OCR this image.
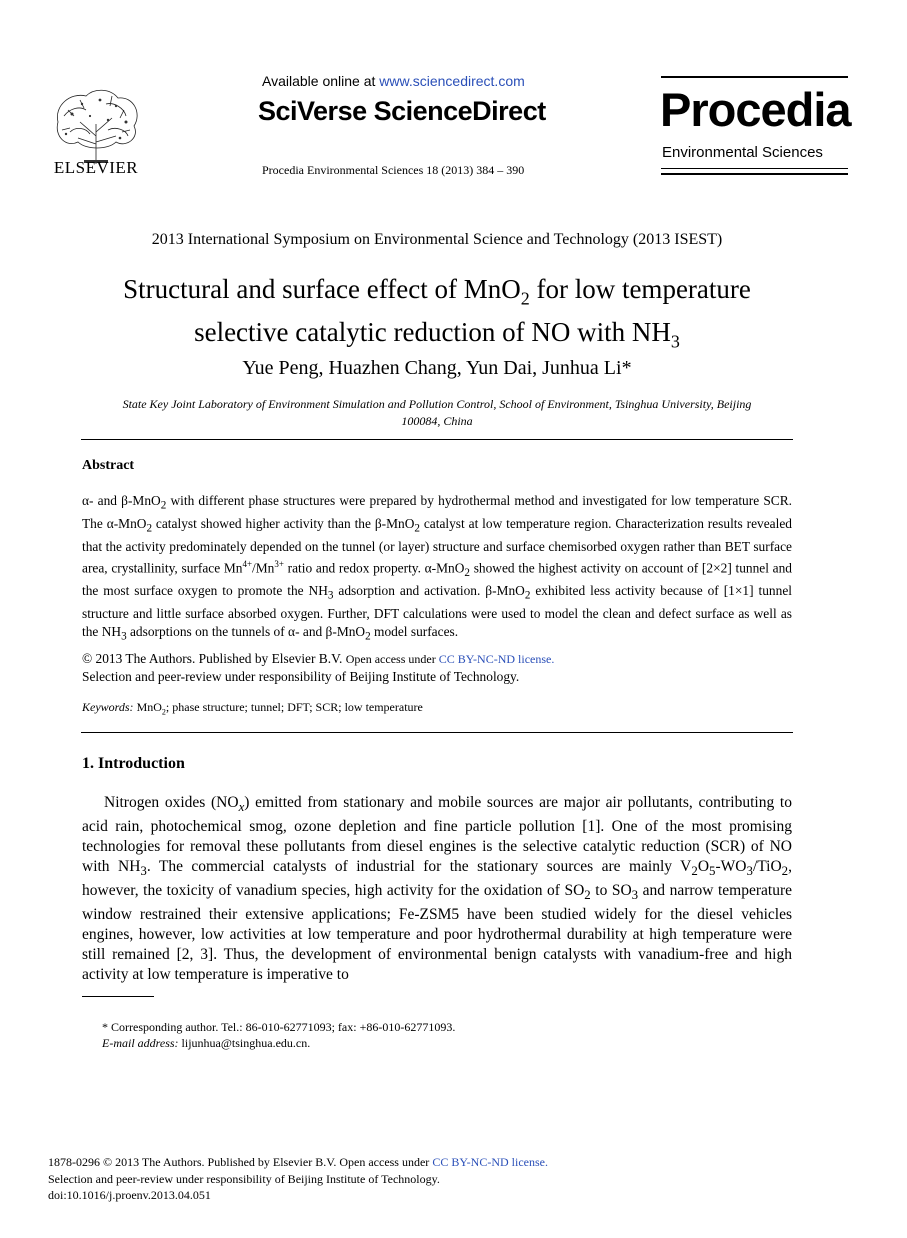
ELSEVIER
Available online at www.sciencedirect.com
SciVerse ScienceDirect
Procedia Environmental Sciences 18 (2013) 384 – 390
Procedia
Environmental Sciences
2013 International Symposium on Environmental Science and Technology (2013 ISEST)
Structural and surface effect of MnO$_2$ for low temperature
selective catalytic reduction of NO with $NH_3$
Yue Peng, Huazhen Chang, Yun Dai, Junhua Li*
State Key Joint Laboratory of Environment Simulation and Pollution Control, School of Environment, Tsinghua University, Beijing
100084, China
Abstract
α- and β-MnO$_2$ with different phase structures were prepared by hydrothermal method and investigated for low temperature SCR. The α-MnO$_2$ catalyst showed higher activity than the β-MnO$_2$ catalyst at low temperature region. Characterization results revealed that the activity predominately depended on the tunnel (or layer) structure and surface chemisorbed oxygen rather than BET surface area, crystallinity, surface $Mn^{4+}/Mn^{3+}$ ratio and redox property. α-MnO$_2$ showed the highest activity on account of [2×2] tunnel and the most surface oxygen to promote the $NH_3$ adsorption and activation. β-MnO$_2$ exhibited less activity because of [1×1] tunnel structure and little surface absorbed oxygen. Further, DFT calculations were used to model the clean and defect surface as well as the $NH_3$ adsorptions on the tunnels of α- and β-MnO$_2$ model surfaces.
© 2013 The Authors. Published by Elsevier B.V. Open access under CC BY-NC-ND license.
Selection and peer-review under responsibility of Beijing Institute of Technology.
Keywords: MnO$_2$; phase structure; tunnel; DFT; SCR; low temperature
1. Introduction
Nitrogen oxides $(NO_x)$ emitted from stationary and mobile sources are major air pollutants, contributing to acid rain, photochemical smog, ozone depletion and fine particle pollution [1]. One of the most promising technologies for removal these pollutants from diesel engines is the selective catalytic reduction (SCR) of NO with $NH_3$. The commercial catalysts of industrial for the stationary sources are mainly $V_2O_5-WO_3/TiO_2$, however, the toxicity of vanadium species, high activity for the oxidation of $SO_2$ to $SO_3$ and narrow temperature window restrained their extensive applications; Fe-ZSM5 have been studied widely for the diesel vehicles engines, however, low activities at low temperature and poor hydrothermal durability at high temperature were still remained [2, 3]. Thus, the development of environmental benign catalysts with vanadium-free and high activity at low temperature is imperative to
* Corresponding author. Tel.: 86-010-62771093; fax: +86-010-62771093.
E-mail address: lijunhua@tsinghua.edu.cn.
1878-0296 © 2013 The Authors. Published by Elsevier B.V. Open access under CC BY-NC-ND license.
Selection and peer-review under responsibility of Beijing Institute of Technology.
doi:10.1016/j.proenv.2013.04.051
